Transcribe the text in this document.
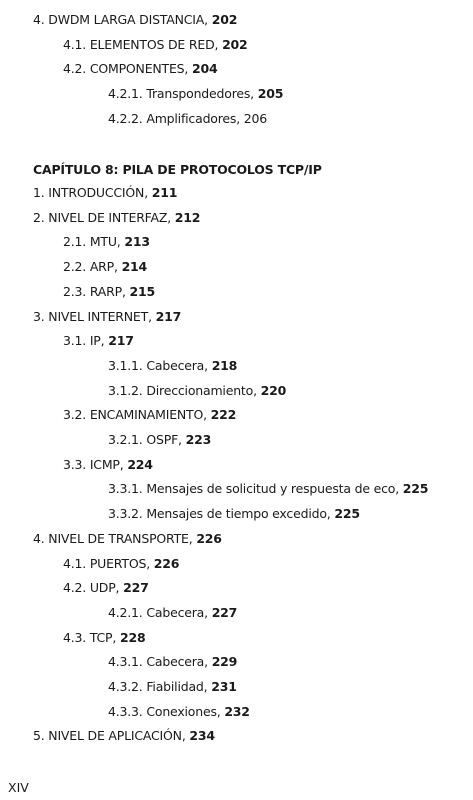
4. DWDM LARGA DISTANCIA, 202
4.1. ELEMENTOS DE RED, 202
4.2. COMPONENTES, 204
4.2.1. Transpondedores, 205
4.2.2. Amplificadores, 206
CAPÍTULO 8: PILA DE PROTOCOLOS TCP/IP
1. INTRODUCCIÓN, 211
2. NIVEL DE INTERFAZ, 212
2.1. MTU, 213
2.2. ARP, 214
2.3. RARP, 215
3. NIVEL INTERNET, 217
3.1. IP, 217
3.1.1. Cabecera, 218
3.1.2. Direccionamiento, 220
3.2. ENCAMINAMIENTO, 222
3.2.1. OSPF, 223
3.3. ICMP, 224
3.3.1. Mensajes de solicitud y respuesta de eco, 225
3.3.2. Mensajes de tiempo excedido, 225
4. NIVEL DE TRANSPORTE, 226
4.1. PUERTOS, 226
4.2. UDP, 227
4.2.1. Cabecera, 227
4.3. TCP, 228
4.3.1. Cabecera, 229
4.3.2. Fiabilidad, 231
4.3.3. Conexiones, 232
5. NIVEL DE APLICACIÓN, 234
XIV
